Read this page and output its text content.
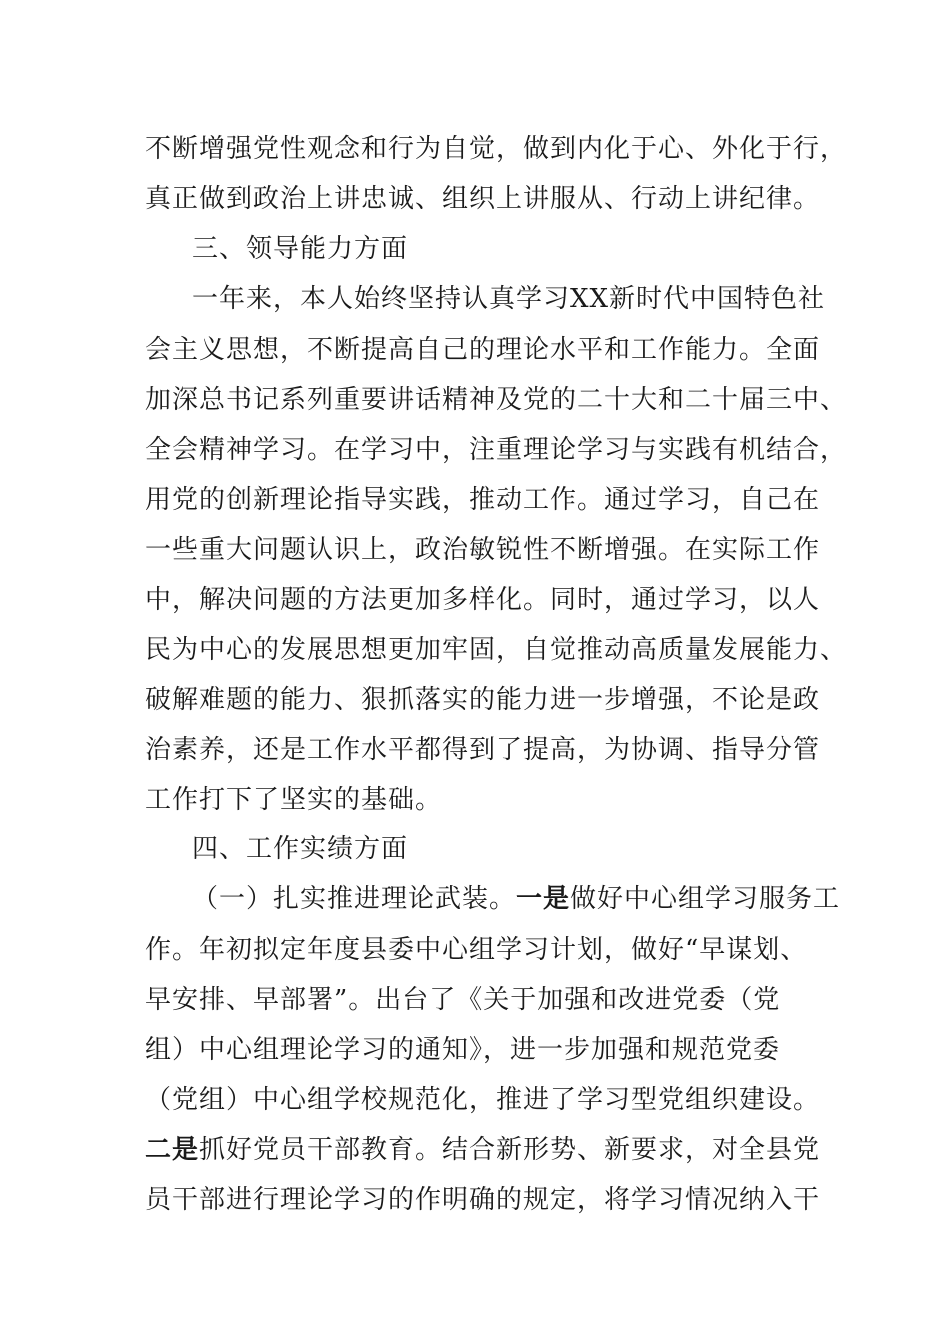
不断增强党性观念和行为自觉，做到内化于心、外化于行，
真正做到政治上讲忠诚、组织上讲服从、行动上讲纪律。
三、领导能力方面
一年来，本人始终坚持认真学习XX新时代中国特色社
会主义思想，不断提高自己的理论水平和工作能力。全面
加深总书记系列重要讲话精神及党的二十大和二十届三中、
全会精神学习。在学习中，注重理论学习与实践有机结合，
用党的创新理论指导实践，推动工作。通过学习，自己在
一些重大问题认识上，政治敏锐性不断增强。在实际工作
中，解决问题的方法更加多样化。同时，通过学习，以人
民为中心的发展思想更加牢固，自觉推动高质量发展能力、
破解难题的能力、狠抓落实的能力进一步增强，不论是政
治素养，还是工作水平都得到了提高，为协调、指导分管
工作打下了坚实的基础。
四、工作实绩方面
（一）扎实推进理论武装。一是做好中心组学习服务工
作。年初拟定年度县委中心组学习计划，做好“早谋划、
早安排、早部署”。出台了《关于加强和改进党委（党
组）中心组理论学习的通知》，进一步加强和规范党委
（党组）中心组学校规范化，推进了学习型党组织建设。
二是抓好党员干部教育。结合新形势、新要求，对全县党
员干部进行理论学习的作明确的规定，将学习情况纳入干
